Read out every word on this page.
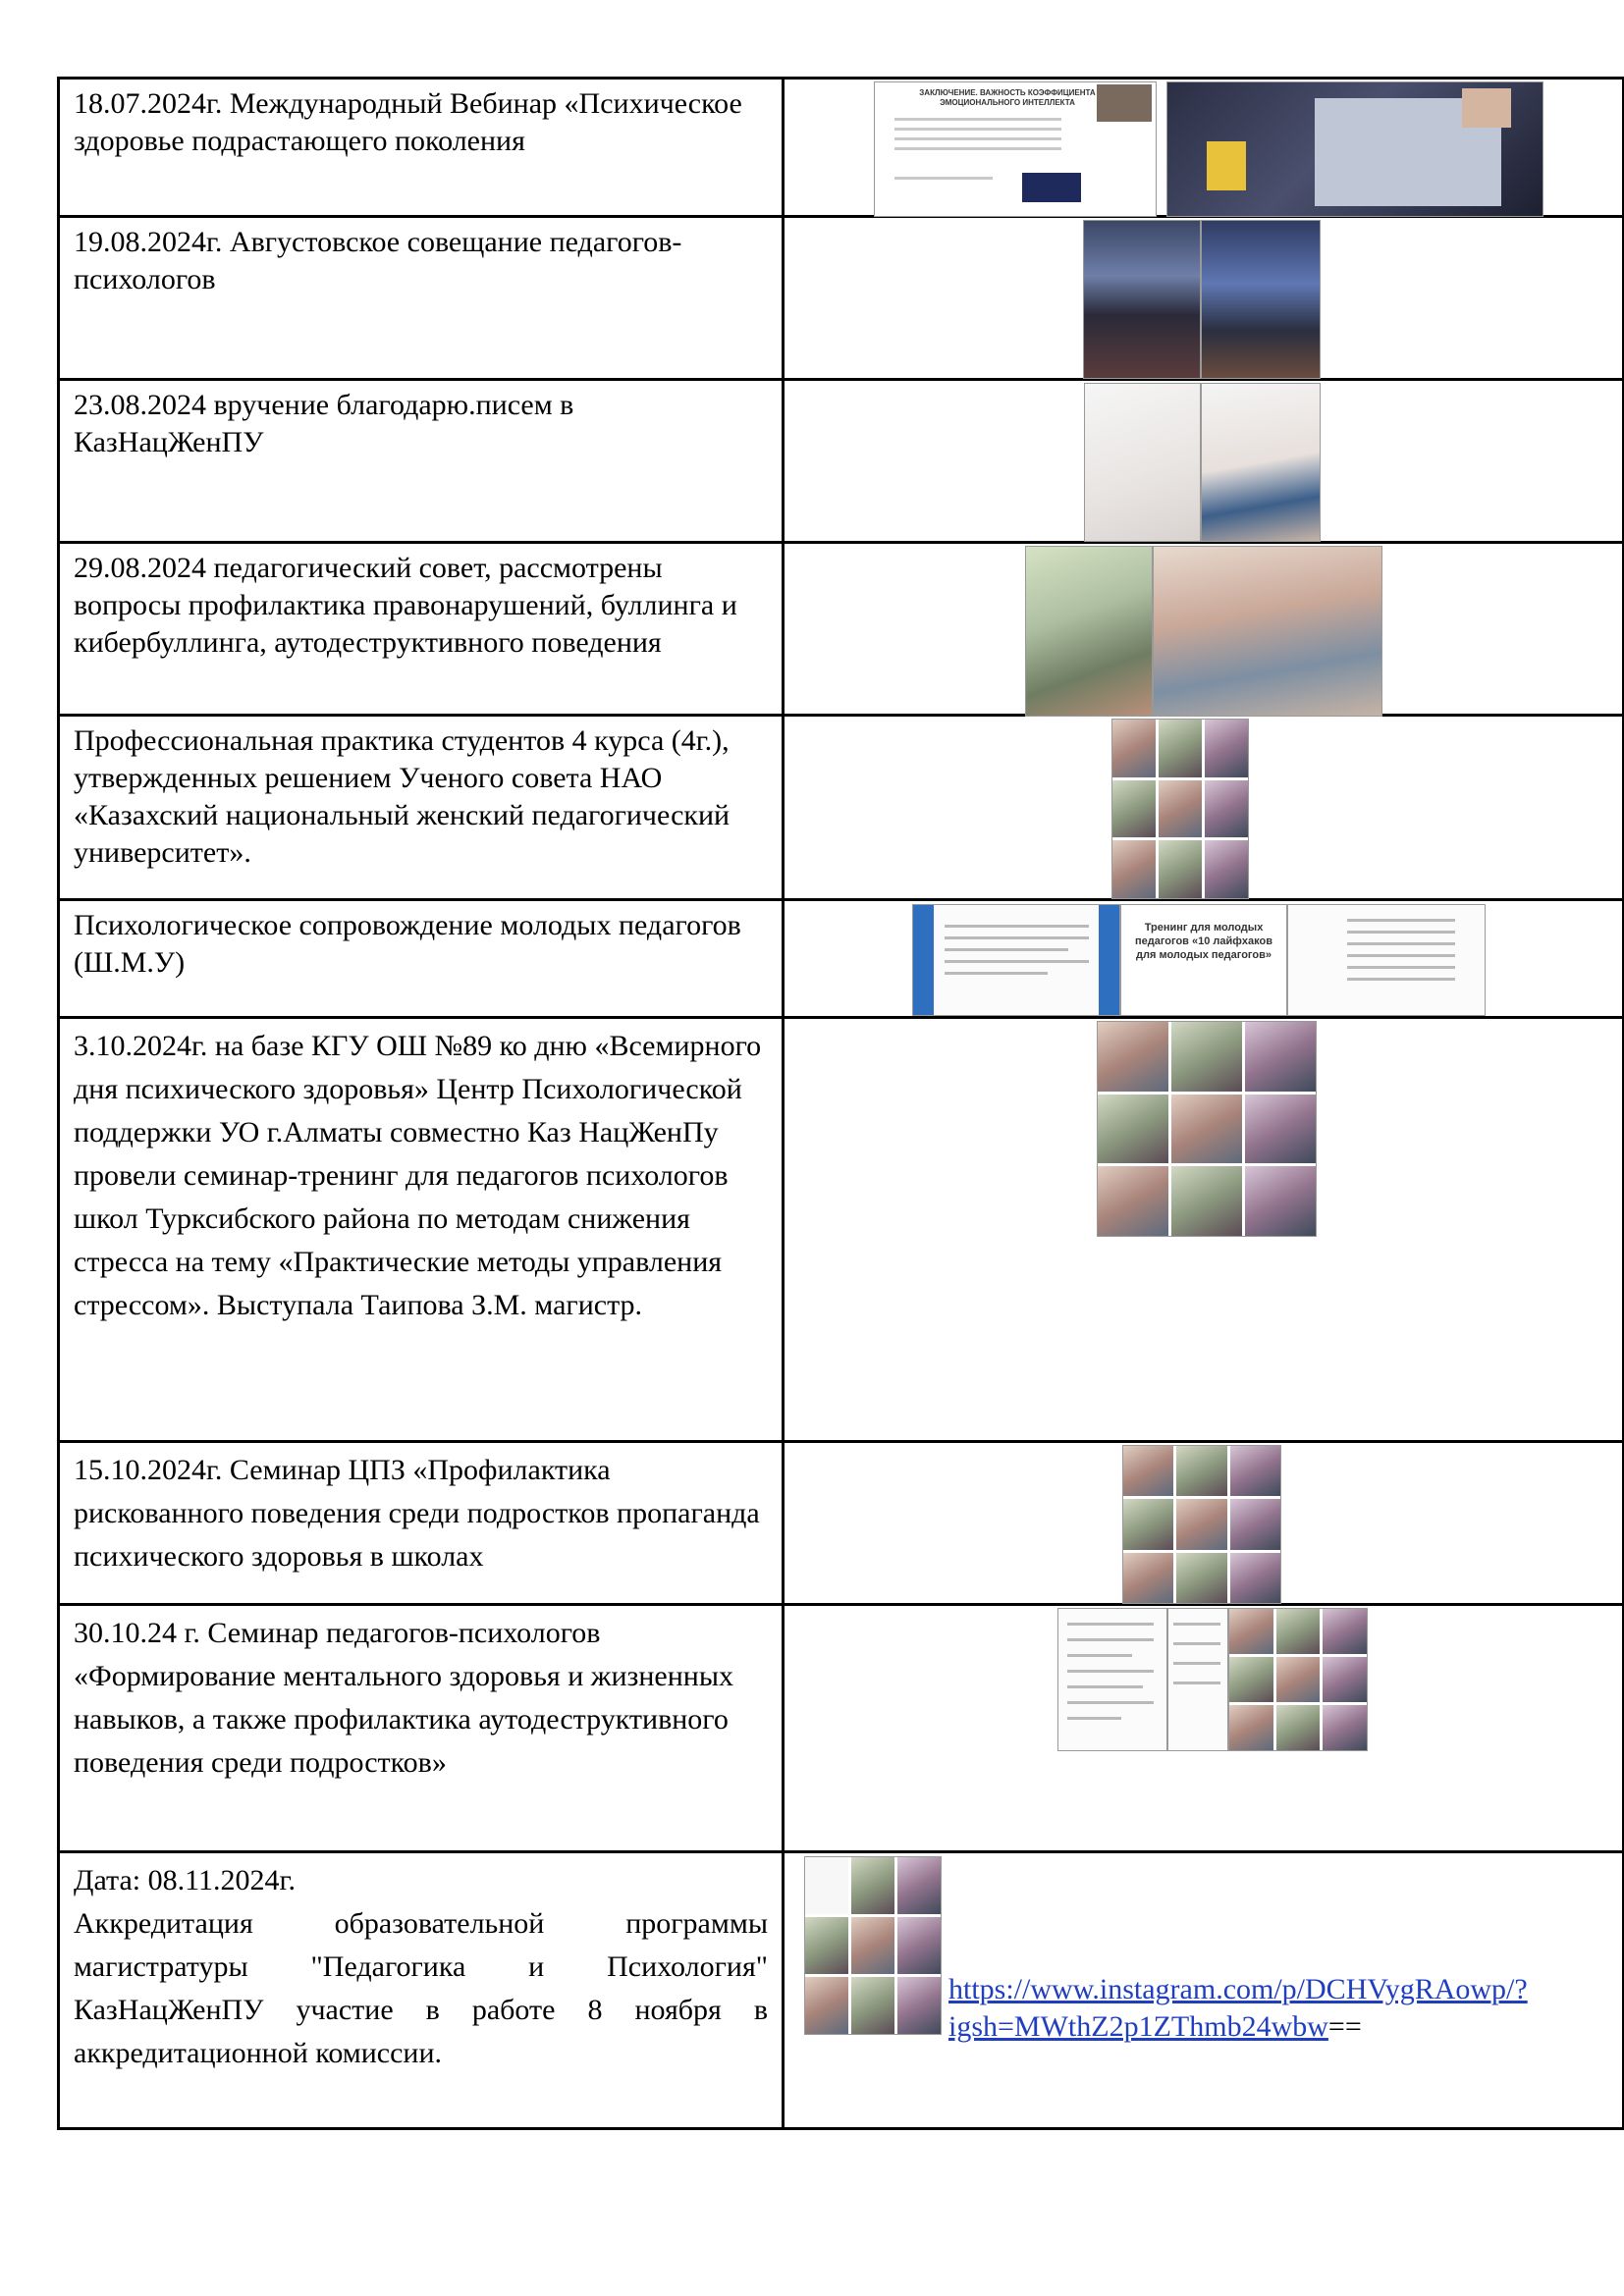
18.07.2024г. Международный Вебинар «Психическое здоровье подрастающего поколения	ЗАКЛЮЧЕНИЕ. ВАЖНОСТЬ КОЭФФИЦИЕНТА ЭМОЦИОНАЛЬНОГО ИНТЕЛЛЕКТА

19.08.2024г. Августовское совещание педагогов-психологов	

23.08.2024 вручение благодарю.писем в КазНацЖенПУ	

29.08.2024 педагогический совет, рассмотрены вопросы профилактика правонарушений, буллинга и кибербуллинга, аутодеструктивного поведения	

Профессиональная практика студентов 4 курса (4г.), утвержденных решением Ученого совета НАО «Казахский национальный женский педагогический университет».	

Психологическое сопровождение молодых педагогов (Ш.М.У)	Тренинг для молодых педагогов «10 лайфхаков для молодых педагогов»

3.10.2024г. на базе КГУ ОШ №89 ко дню «Всемирного дня психического здоровья» Центр Психологической поддержки УО г.Алматы совместно Каз НацЖенПу провели семинар-тренинг для педагогов психологов школ Турксибского района по методам снижения стресса на тему «Практические методы управления стрессом». Выступала Таипова З.М. магистр.	

15.10.2024г. Семинар ЦПЗ «Профилактика рискованного поведения среди подростков пропаганда психического здоровья в школах	

30.10.24 г. Семинар педагогов-психологов «Формирование ментального здоровья и жизненных навыков, а также профилактика аутодеструктивного поведения среди подростков»	

Дата: 08.11.2024г.
Аккредитация образовательной программы магистратуры "Педагогика и Психология" КазНацЖенПУ участие в работе 8 ноября в аккредитационной комиссии.	https://www.instagram.com/p/DCHVygRAowp/?igsh=MWthZ2p1ZThmb24wbw==
